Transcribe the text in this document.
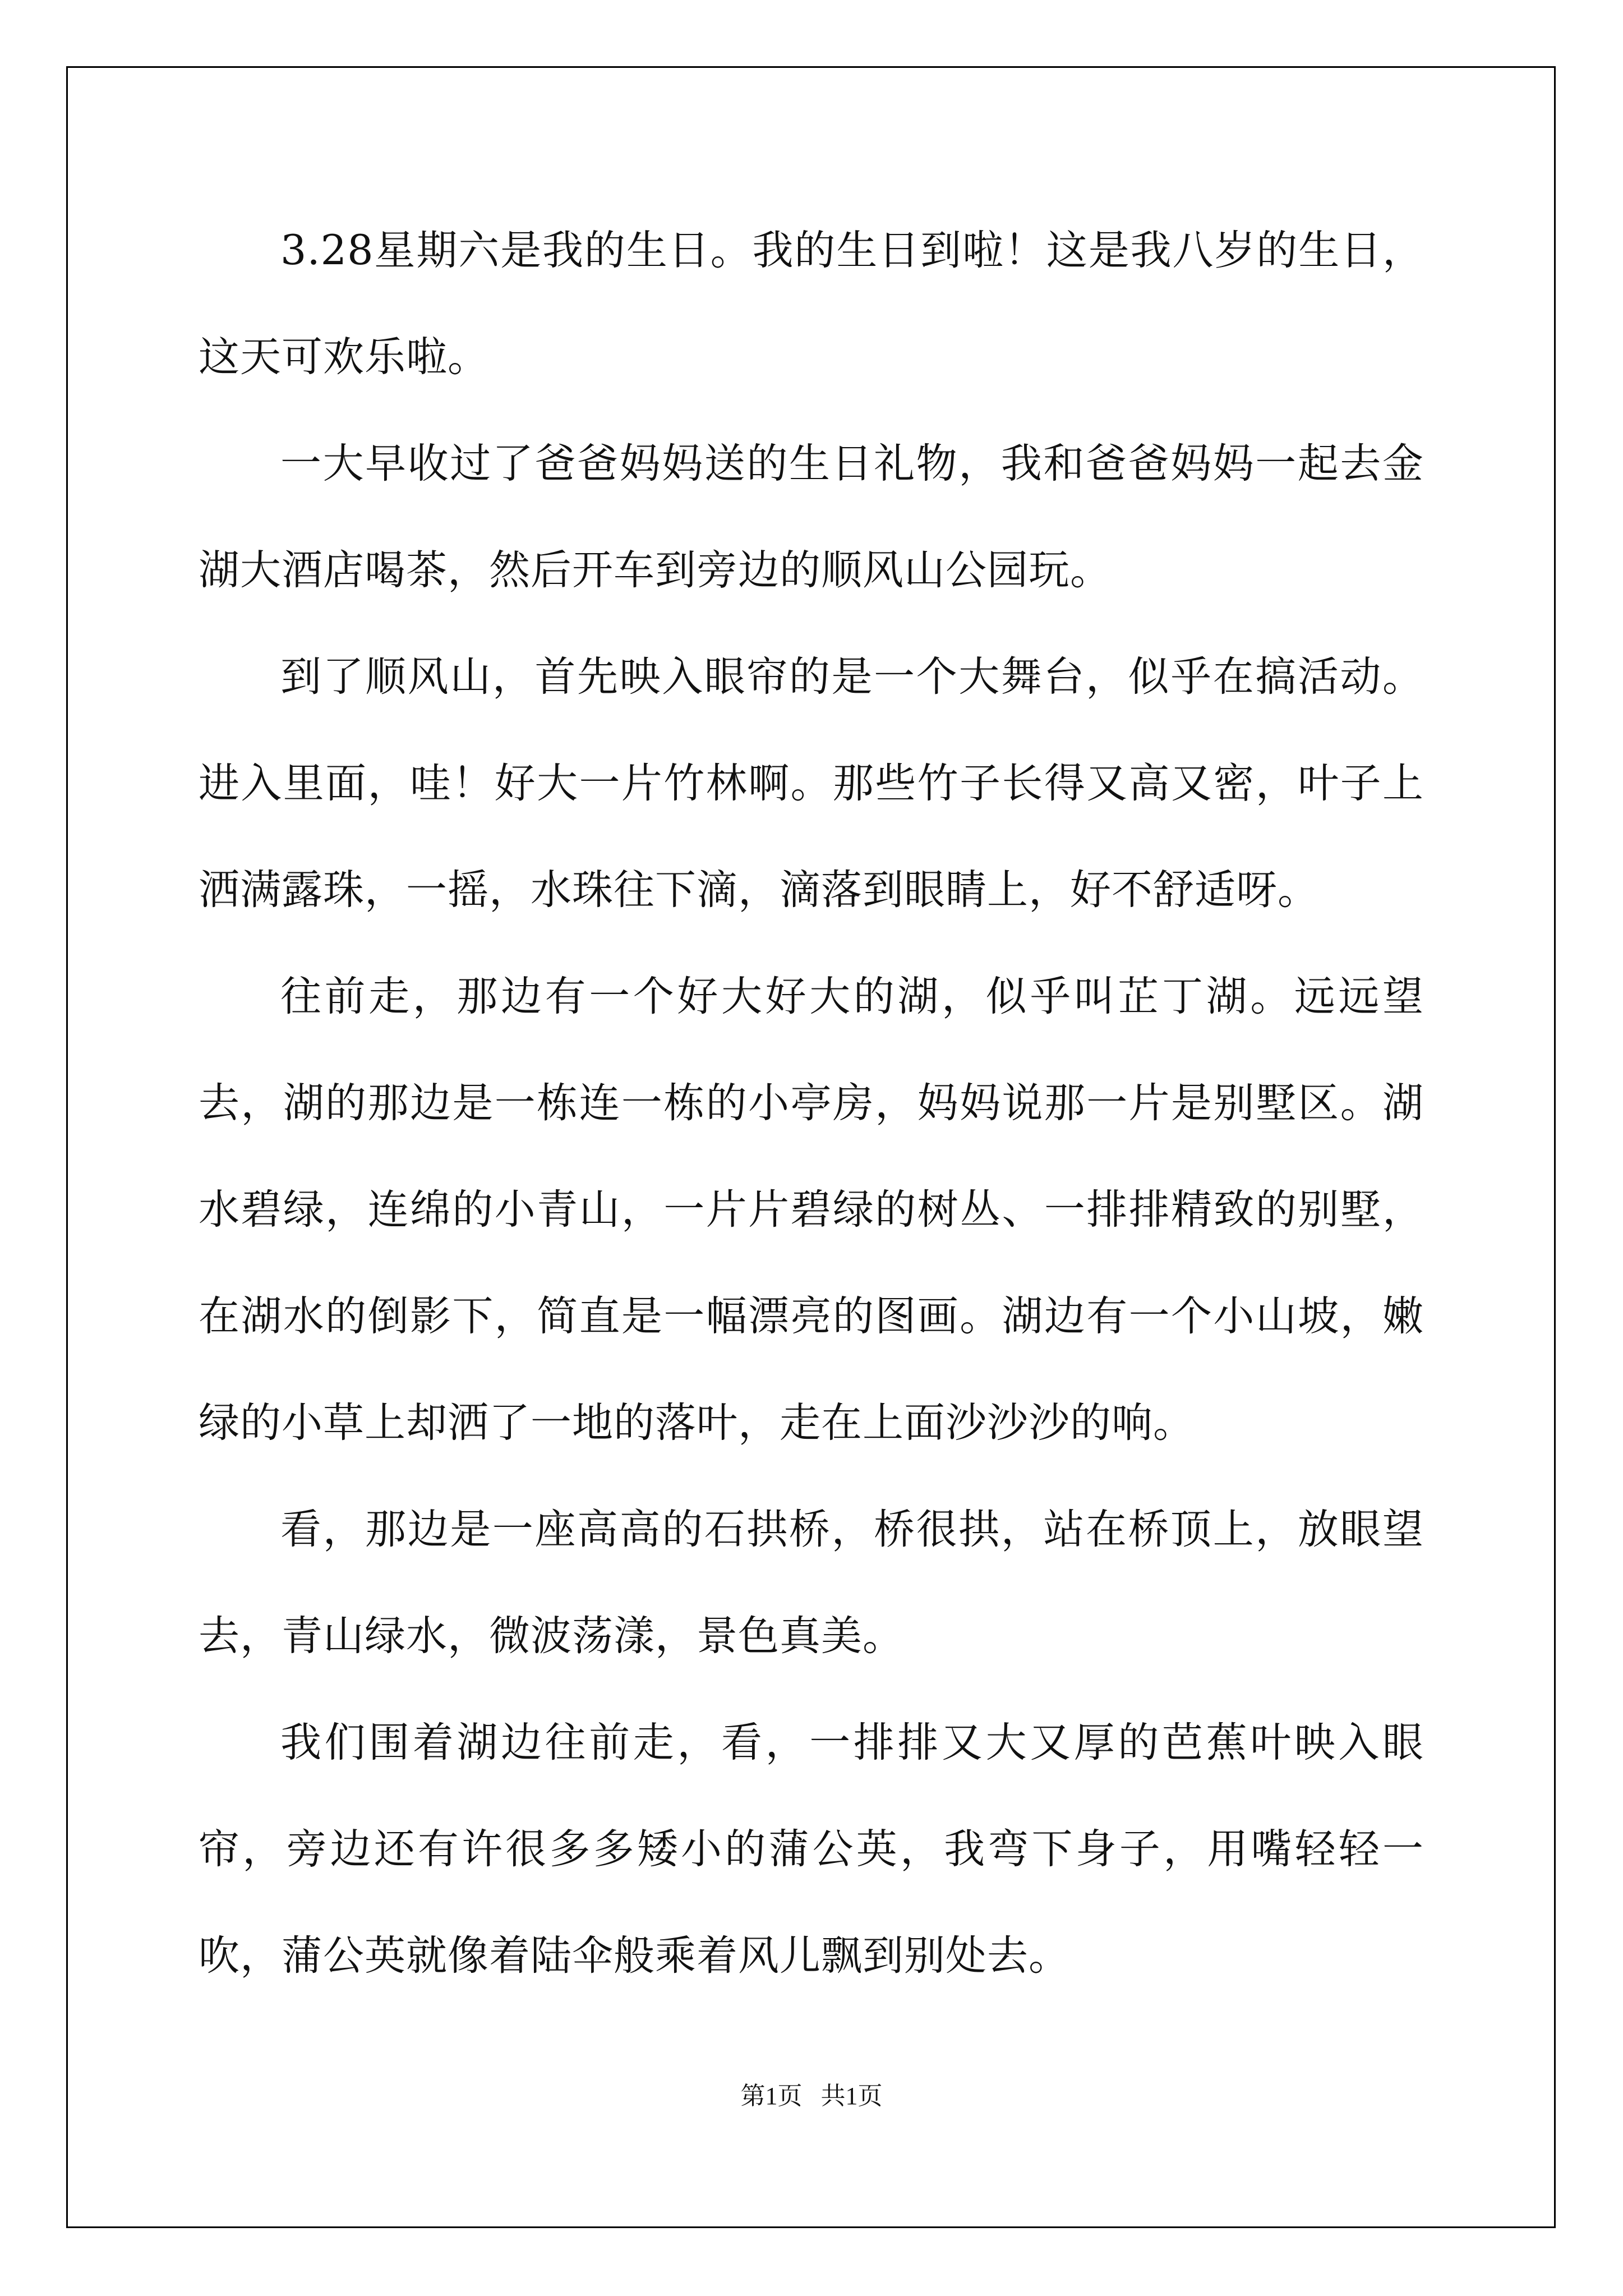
3.28星期六是我的生日。我的生日到啦！这是我八岁的生日，这天可欢乐啦。

一大早收过了爸爸妈妈送的生日礼物，我和爸爸妈妈一起去金湖大酒店喝茶，然后开车到旁边的顺风山公园玩。

到了顺风山，首先映入眼帘的是一个大舞台，似乎在搞活动。进入里面，哇！好大一片竹林啊。那些竹子长得又高又密，叶子上洒满露珠，一摇，水珠往下滴，滴落到眼睛上，好不舒适呀。

往前走，那边有一个好大好大的湖，似乎叫芷丁湖。远远望去，湖的那边是一栋连一栋的小亭房，妈妈说那一片是别墅区。湖水碧绿，连绵的小青山，一片片碧绿的树丛、一排排精致的别墅，在湖水的倒影下，简直是一幅漂亮的图画。湖边有一个小山坡，嫩绿的小草上却洒了一地的落叶，走在上面沙沙沙的响。

看，那边是一座高高的石拱桥，桥很拱，站在桥顶上，放眼望去，青山绿水，微波荡漾，景色真美。

我们围着湖边往前走，看，一排排又大又厚的芭蕉叶映入眼帘，旁边还有许很多多矮小的蒲公英，我弯下身子，用嘴轻轻一吹，蒲公英就像着陆伞般乘着风儿飘到别处去。

第1页 共1页
